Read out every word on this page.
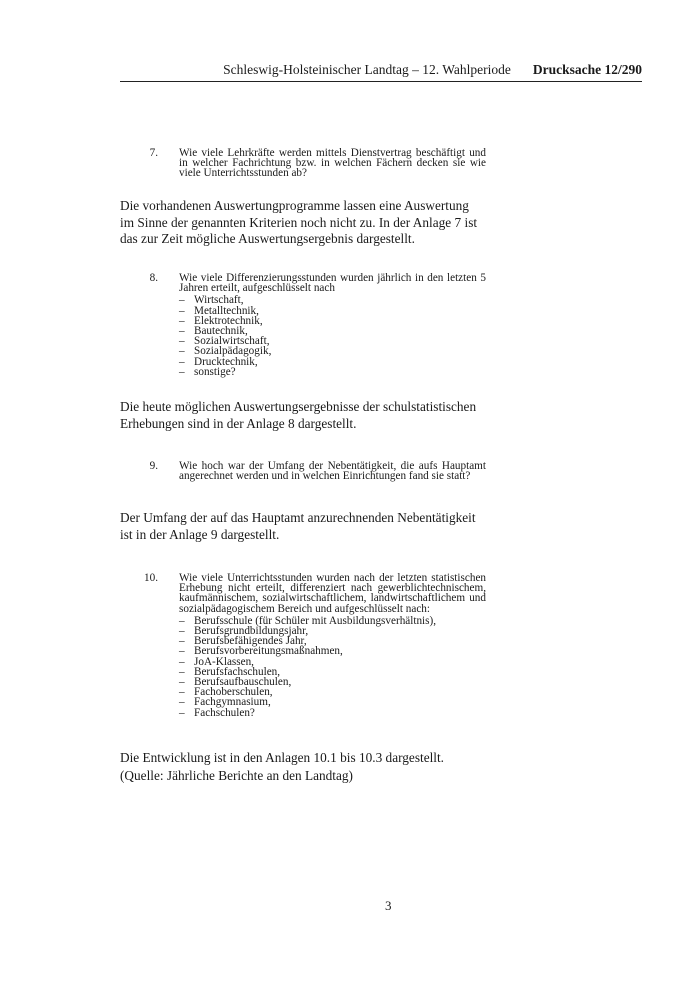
Schleswig-Holsteinischer Landtag – 12. Wahlperiode Drucksache 12/290
7. Wie viele Lehrkräfte werden mittels Dienstvertrag beschäftigt und in welcher Fachrichtung bzw. in welchen Fächern decken sie wie viele Unterrichtsstunden ab?
Die vorhandenen Auswertungprogramme lassen eine Auswertung im Sinne der genannten Kriterien noch nicht zu. In der Anlage 7 ist das zur Zeit mögliche Auswertungsergebnis dargestellt.
8. Wie viele Differenzierungsstunden wurden jährlich in den letzten 5 Jahren erteilt, aufgeschlüsselt nach
– Wirtschaft,
– Metalltechnik,
– Elektrotechnik,
– Bautechnik,
– Sozialwirtschaft,
– Sozialpädagogik,
– Drucktechnik,
– sonstige?
Die heute möglichen Auswertungsergebnisse der schulstatistischen Erhebungen sind in der Anlage 8 dargestellt.
9. Wie hoch war der Umfang der Nebentätigkeit, die aufs Hauptamt angerechnet werden und in welchen Einrichtungen fand sie statt?
Der Umfang der auf das Hauptamt anzurechnenden Nebentätigkeit ist in der Anlage 9 dargestellt.
10. Wie viele Unterrichtsstunden wurden nach der letzten statistischen Erhebung nicht erteilt, differenziert nach gewerblichtechnischem, kaufmännischem, sozialwirtschaftlichem, landwirtschaftlichem und sozialpädagogischem Bereich und aufgeschlüsselt nach:
– Berufsschule (für Schüler mit Ausbildungsverhältnis),
– Berufsgrundbildungsjahr,
– Berufsbefähigendes Jahr,
– Berufsvorbereitungsmaßnahmen,
– JoA-Klassen,
– Berufsfachschulen,
– Berufsaufbauschulen,
– Fachoberschulen,
– Fachgymnasium,
– Fachschulen?
Die Entwicklung ist in den Anlagen 10.1 bis 10.3 dargestellt.
(Quelle: Jährliche Berichte an den Landtag)
3
